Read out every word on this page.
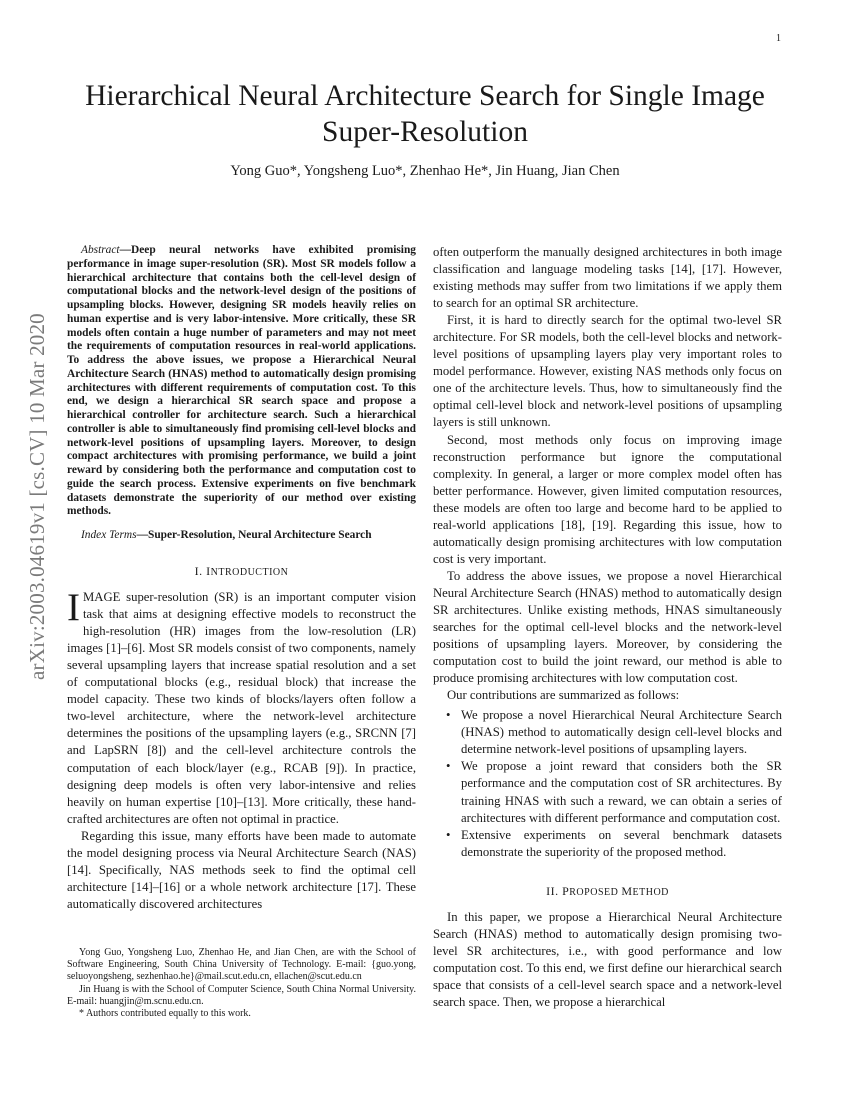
1
arXiv:2003.04619v1 [cs.CV] 10 Mar 2020
Hierarchical Neural Architecture Search for Single Image Super-Resolution
Yong Guo*, Yongsheng Luo*, Zhenhao He*, Jin Huang, Jian Chen

Abstract—Deep neural networks have exhibited promising performance in image super-resolution (SR). Most SR models follow a hierarchical architecture that contains both the cell-level design of computational blocks and the network-level design of the positions of upsampling blocks. However, designing SR models heavily relies on human expertise and is very labor-intensive. More critically, these SR models often contain a huge number of parameters and may not meet the requirements of computation resources in real-world applications. To address the above issues, we propose a Hierarchical Neural Architecture Search (HNAS) method to automatically design promising architectures with different requirements of computation cost. To this end, we design a hierarchical SR search space and propose a hierarchical controller for architecture search. Such a hierarchical controller is able to simultaneously find promising cell-level blocks and network-level positions of upsampling layers. Moreover, to design compact architectures with promising performance, we build a joint reward by considering both the performance and computation cost to guide the search process. Extensive experiments on five benchmark datasets demonstrate the superiority of our method over existing methods.

Index Terms—Super-Resolution, Neural Architecture Search

I. INTRODUCTION

IMAGE super-resolution (SR) is an important computer vision task that aims at designing effective models to reconstruct the high-resolution (HR) images from the low-resolution (LR) images [1]–[6]. Most SR models consist of two components, namely several upsampling layers that increase spatial resolution and a set of computational blocks (e.g., residual block) that increase the model capacity. These two kinds of blocks/layers often follow a two-level architecture, where the network-level architecture determines the positions of the upsampling layers (e.g., SRCNN [7] and LapSRN [8]) and the cell-level architecture controls the computation of each block/layer (e.g., RCAB [9]). In practice, designing deep models is often very labor-intensive and relies heavily on human expertise [10]–[13]. More critically, these hand-crafted architectures are often not optimal in practice.

Regarding this issue, many efforts have been made to automate the model designing process via Neural Architecture Search (NAS) [14]. Specifically, NAS methods seek to find the optimal cell architecture [14]–[16] or a whole network architecture [17]. These automatically discovered architectures

Yong Guo, Yongsheng Luo, Zhenhao He, and Jian Chen, are with the School of Software Engineering, South China University of Technology. E-mail: {guo.yong, seluoyongsheng, sezhenhao.he}@mail.scut.edu.cn, ellachen@scut.edu.cn

Jin Huang is with the School of Computer Science, South China Normal University. E-mail: huangjin@m.scnu.edu.cn.

* Authors contributed equally to this work.

often outperform the manually designed architectures in both image classification and language modeling tasks [14], [17]. However, existing methods may suffer from two limitations if we apply them to search for an optimal SR architecture.

First, it is hard to directly search for the optimal two-level SR architecture. For SR models, both the cell-level blocks and network-level positions of upsampling layers play very important roles to model performance. However, existing NAS methods only focus on one of the architecture levels. Thus, how to simultaneously find the optimal cell-level block and network-level positions of upsampling layers is still unknown.

Second, most methods only focus on improving image reconstruction performance but ignore the computational complexity. In general, a larger or more complex model often has better performance. However, given limited computation resources, these models are often too large and become hard to be applied to real-world applications [18], [19]. Regarding this issue, how to automatically design promising architectures with low computation cost is very important.

To address the above issues, we propose a novel Hierarchical Neural Architecture Search (HNAS) method to automatically design SR architectures. Unlike existing methods, HNAS simultaneously searches for the optimal cell-level blocks and the network-level positions of upsampling layers. Moreover, by considering the computation cost to build the joint reward, our method is able to produce promising architectures with low computation cost.

Our contributions are summarized as follows:

• We propose a novel Hierarchical Neural Architecture Search (HNAS) method to automatically design cell-level blocks and determine network-level positions of upsampling layers.
• We propose a joint reward that considers both the SR performance and the computation cost of SR architectures. By training HNAS with such a reward, we can obtain a series of architectures with different performance and computation cost.
• Extensive experiments on several benchmark datasets demonstrate the superiority of the proposed method.
II. PROPOSED METHOD

In this paper, we propose a Hierarchical Neural Architecture Search (HNAS) method to automatically design promising two-level SR architectures, i.e., with good performance and low computation cost. To this end, we first define our hierarchical search space that consists of a cell-level search space and a network-level search space. Then, we propose a hierarchical
